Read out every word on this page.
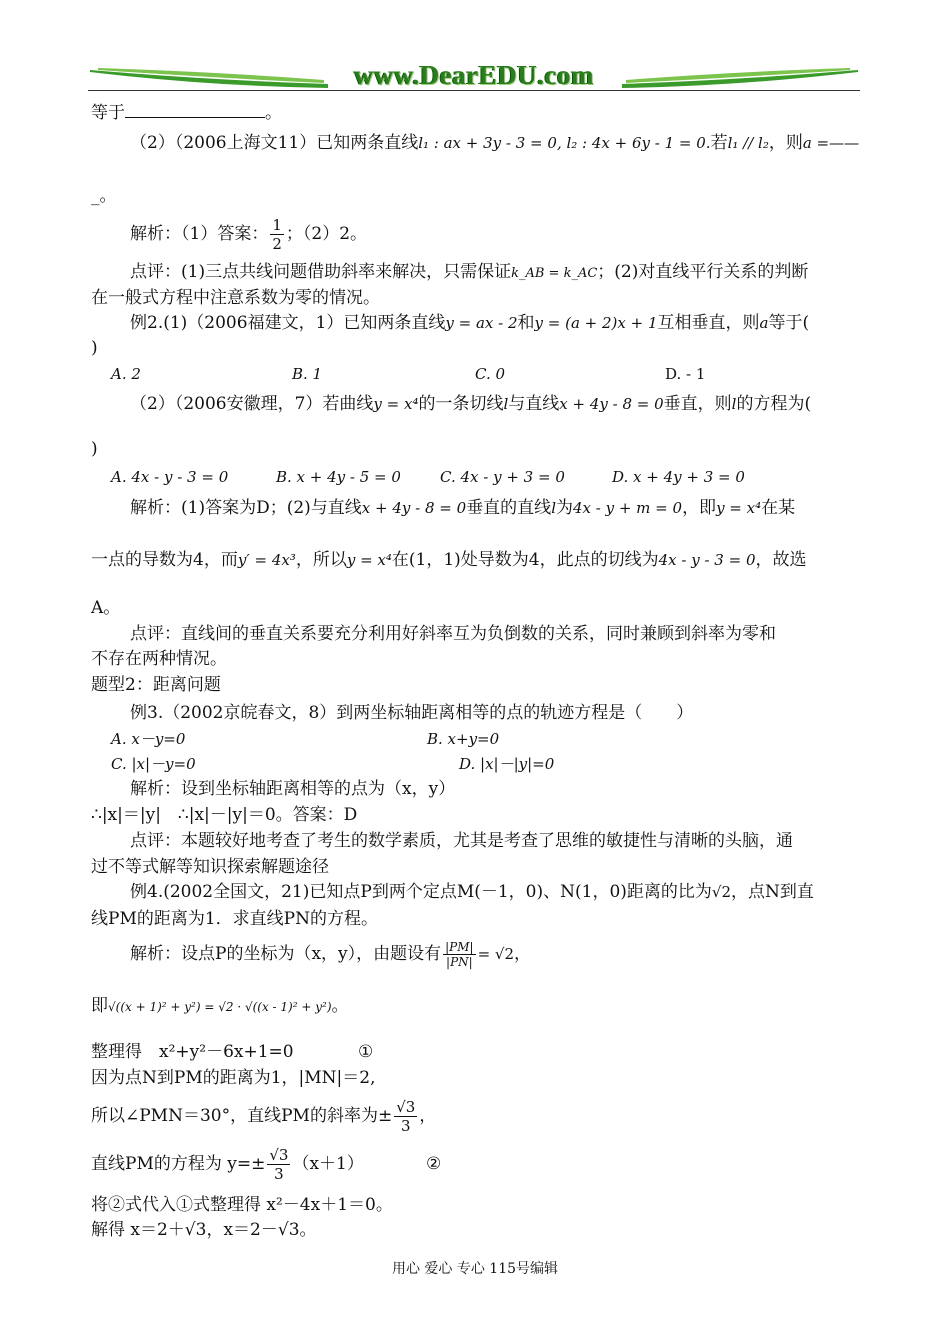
www.DearEDU.com
等于	。
（2）（2006上海文11）已知两条直线l₁ : ax + 3y - 3 = 0, l₂ : 4x + 6y - 1 = 0.若l₁ // l₂，则a =——
_。
解析：（1）答案： $\frac{1}{2}$ ；（2）2。
点评：(1)三点共线问题借助斜率来解决，只需保证k_AB = k_AC；(2)对直线平行关系的判断
在一般式方程中注意系数为零的情况。
例2.(1)（2006福建文，1）已知两条直线y = ax - 2和y = (a + 2)x + 1互相垂直，则a等于(
)
A. 2	B. 1	C. 0	D. - 1
（2）（2006安徽理，7）若曲线y = x⁴的一条切线l与直线x + 4y - 8 = 0垂直，则l的方程为(
)
A. 4x - y - 3 = 0	B. x + 4y - 5 = 0	C. 4x - y + 3 = 0	D. x + 4y + 3 = 0
解析：(1)答案为D；(2)与直线x + 4y - 8 = 0垂直的直线l为4x - y + m = 0，即y = x⁴在某
一点的导数为4，而y′ = 4x³，所以y = x⁴在(1，1)处导数为4，此点的切线为4x - y - 3 = 0，故选
A。
点评：直线间的垂直关系要充分利用好斜率互为负倒数的关系，同时兼顾到斜率为零和
不存在两种情况。
题型2：距离问题
例3.（2002京皖春文，8）到两坐标轴距离相等的点的轨迹方程是（　　）
A. x－y=0	B. x+y=0
C. |x|－y=0	D. |x|－|y|=0
解析：设到坐标轴距离相等的点为（x，y）
∴|x|＝|y|　∴|x|－|y|＝0。答案：D
点评：本题较好地考查了考生的数学素质，尤其是考查了思维的敏捷性与清晰的头脑，通
过不等式解等知识探索解题途径
例4.(2002全国文，21)已知点P到两个定点M(－1，0)、N(1，0)距离的比为√2，点N到直
线PM的距离为1．求直线PN的方程。
解析：设点P的坐标为（x，y），由题设有 $\frac{|PM|}{|PN|} = √2$，
即√((x + 1)² + y²) = √2 · √((x - 1)² + y²)。
整理得　x²+y²－6x+1=0	①
因为点N到PM的距离为1，|MN|＝2,
所以∠PMN＝30°，直线PM的斜率为± $\frac{√3}{3}$ ，
直线PM的方程为 $y=\pm \frac{√3}{3} (x+1)$	②
将②式代入①式整理得 x²－4x＋1＝0。
解得 x＝2＋√3，x＝2－√3。
用心 爱心 专心 115号编辑
